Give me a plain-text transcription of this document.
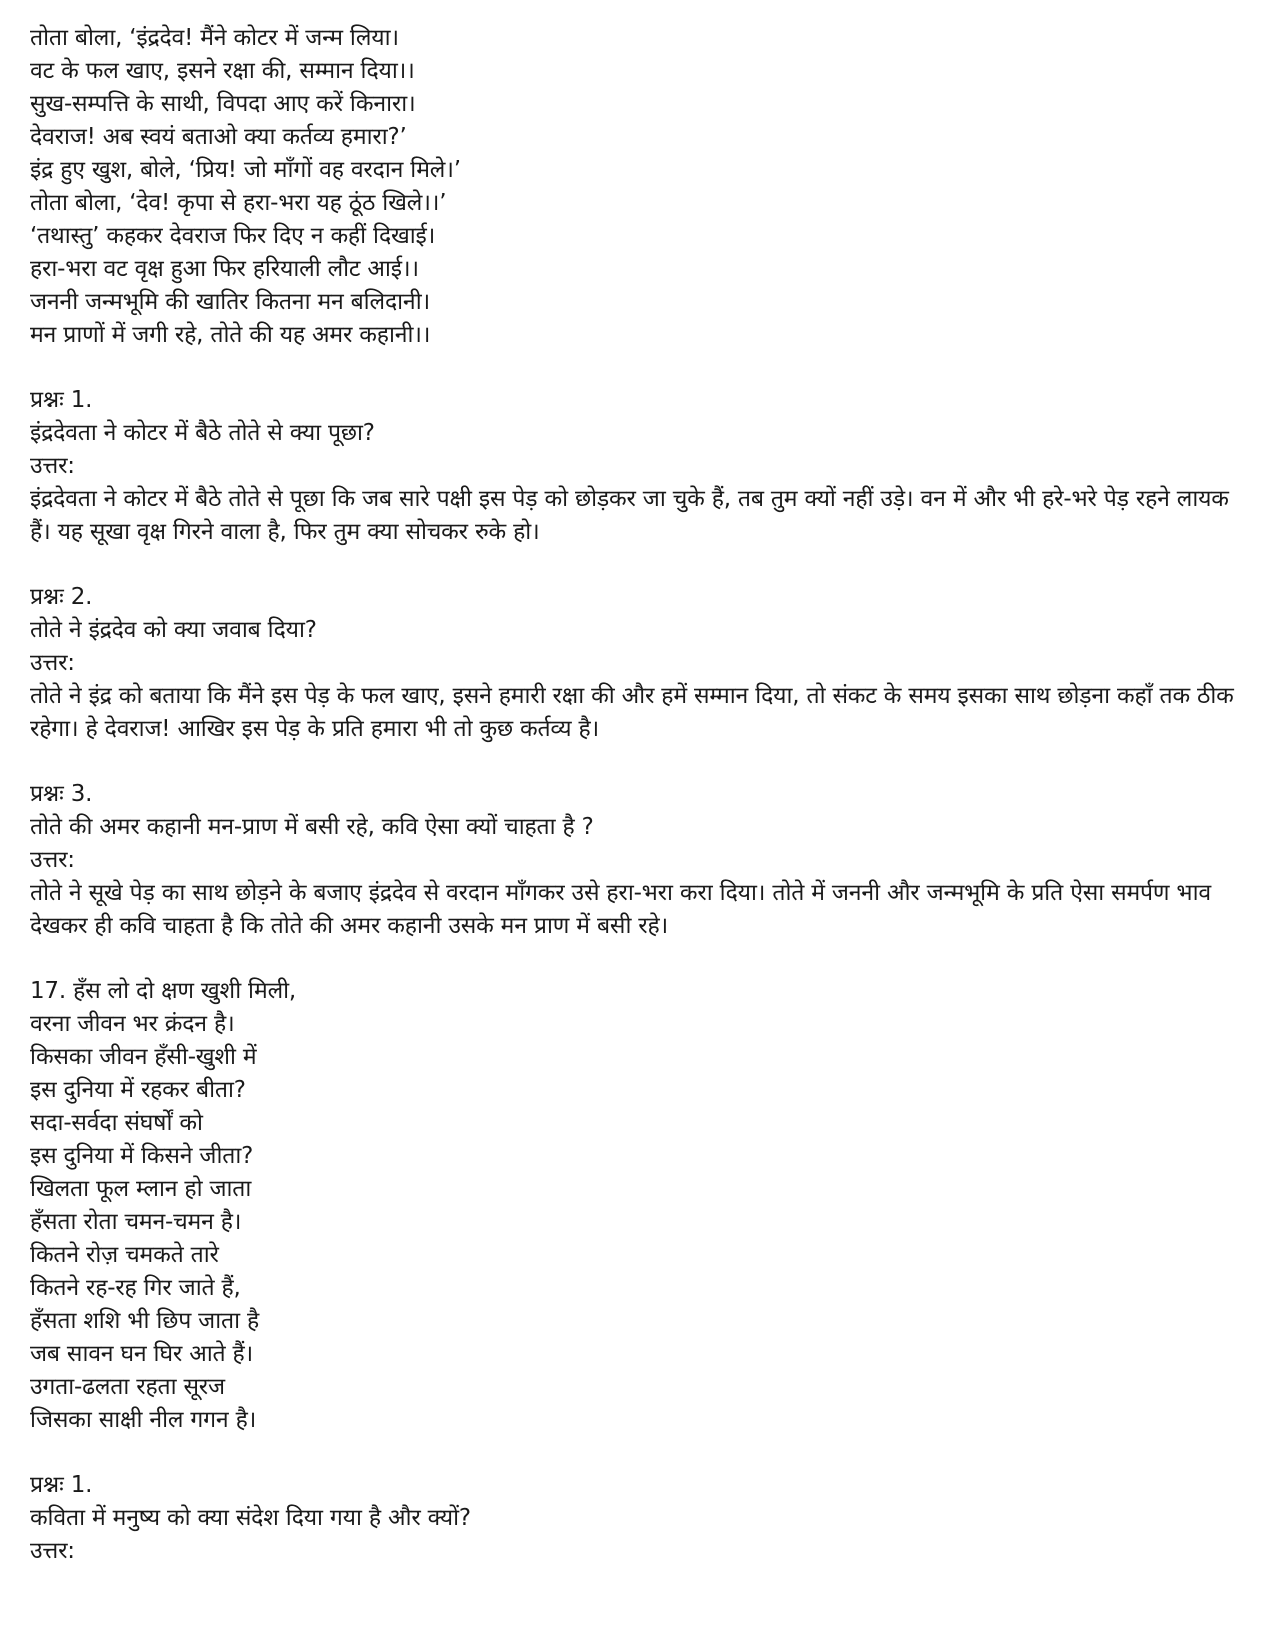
तोता बोला, ‘इंद्रदेव! मैंने कोटर में जन्म लिया।
वट के फल खाए, इसने रक्षा की, सम्मान दिया।।
सुख-सम्पत्ति के साथी, विपदा आए करें किनारा।
देवराज! अब स्वयं बताओ क्या कर्तव्य हमारा?’
इंद्र हुए खुश, बोले, ‘प्रिय! जो माँगों वह वरदान मिले।’
तोता बोला, ‘देव! कृपा से हरा-भरा यह ठूंठ खिले।।’
‘तथास्तु’ कहकर देवराज फिर दिए न कहीं दिखाई।
हरा-भरा वट वृक्ष हुआ फिर हरियाली लौट आई।।
जननी जन्मभूमि की खातिर कितना मन बलिदानी।
मन प्राणों में जगी रहे, तोते की यह अमर कहानी।।
प्रश्नः 1.
इंद्रदेवता ने कोटर में बैठे तोते से क्या पूछा?
उत्तर:
इंद्रदेवता ने कोटर में बैठे तोते से पूछा कि जब सारे पक्षी इस पेड़ को छोड़कर जा चुके हैं, तब तुम क्यों नहीं उड़े। वन में और भी हरे-भरे पेड़ रहने लायक हैं। यह सूखा वृक्ष गिरने वाला है, फिर तुम क्या सोचकर रुके हो।
प्रश्नः 2.
तोते ने इंद्रदेव को क्या जवाब दिया?
उत्तर:
तोते ने इंद्र को बताया कि मैंने इस पेड़ के फल खाए, इसने हमारी रक्षा की और हमें सम्मान दिया, तो संकट के समय इसका साथ छोड़ना कहाँ तक ठीक रहेगा। हे देवराज! आखिर इस पेड़ के प्रति हमारा भी तो कुछ कर्तव्य है।
प्रश्नः 3.
तोते की अमर कहानी मन-प्राण में बसी रहे, कवि ऐसा क्यों चाहता है ?
उत्तर:
तोते ने सूखे पेड़ का साथ छोड़ने के बजाए इंद्रदेव से वरदान माँगकर उसे हरा-भरा करा दिया। तोते में जननी और जन्मभूमि के प्रति ऐसा समर्पण भाव देखकर ही कवि चाहता है कि तोते की अमर कहानी उसके मन प्राण में बसी रहे।
17. हँस लो दो क्षण खुशी मिली,
वरना जीवन भर क्रंदन है।
किसका जीवन हँसी-खुशी में
इस दुनिया में रहकर बीता?
सदा-सर्वदा संघर्षों को
इस दुनिया में किसने जीता?
खिलता फूल म्लान हो जाता
हँसता रोता चमन-चमन है।
कितने रोज़ चमकते तारे
कितने रह-रह गिर जाते हैं,
हँसता शशि भी छिप जाता है
जब सावन घन घिर आते हैं।
उगता-ढलता रहता सूरज
जिसका साक्षी नील गगन है।
प्रश्नः 1.
कविता में मनुष्य को क्या संदेश दिया गया है और क्यों?
उत्तर:
